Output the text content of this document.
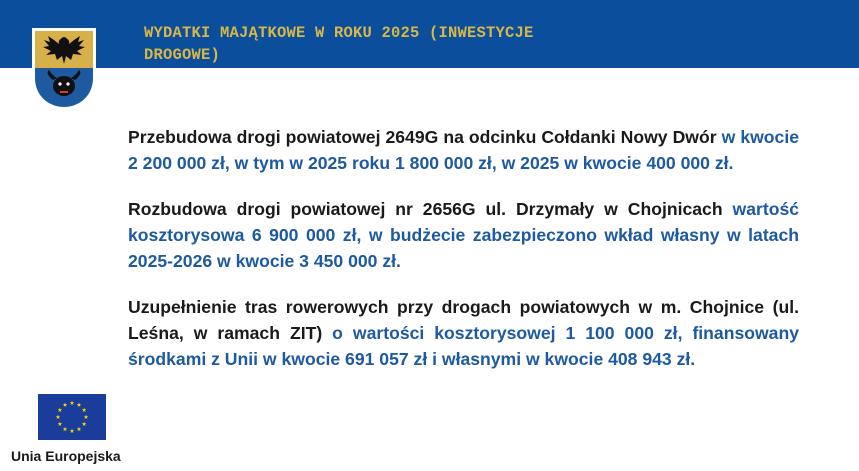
WYDATKI MAJĄTKOWE W ROKU 2025 (INWESTYCJE
DROGOWE)

Przebudowa drogi powiatowej 2649G na odcinku Cołdanki Nowy Dwór w kwocie 2 200 000 zł, w tym w 2025 roku 1 800 000 zł, w 2025 w kwocie 400 000 zł.

Rozbudowa drogi powiatowej nr 2656G ul. Drzymały w Chojnicach wartość kosztorysowa 6 900 000 zł, w budżecie zabezpieczono wkład własny w latach 2025-2026 w kwocie 3 450 000 zł.

Uzupełnienie tras rowerowych przy drogach powiatowych w m. Chojnice (ul. Leśna, w ramach ZIT) o wartości kosztorysowej 1 100 000 zł, finansowany środkami z Unii w kwocie 691 057 zł i własnymi w kwocie 408 943 zł.

Unia Europejska
